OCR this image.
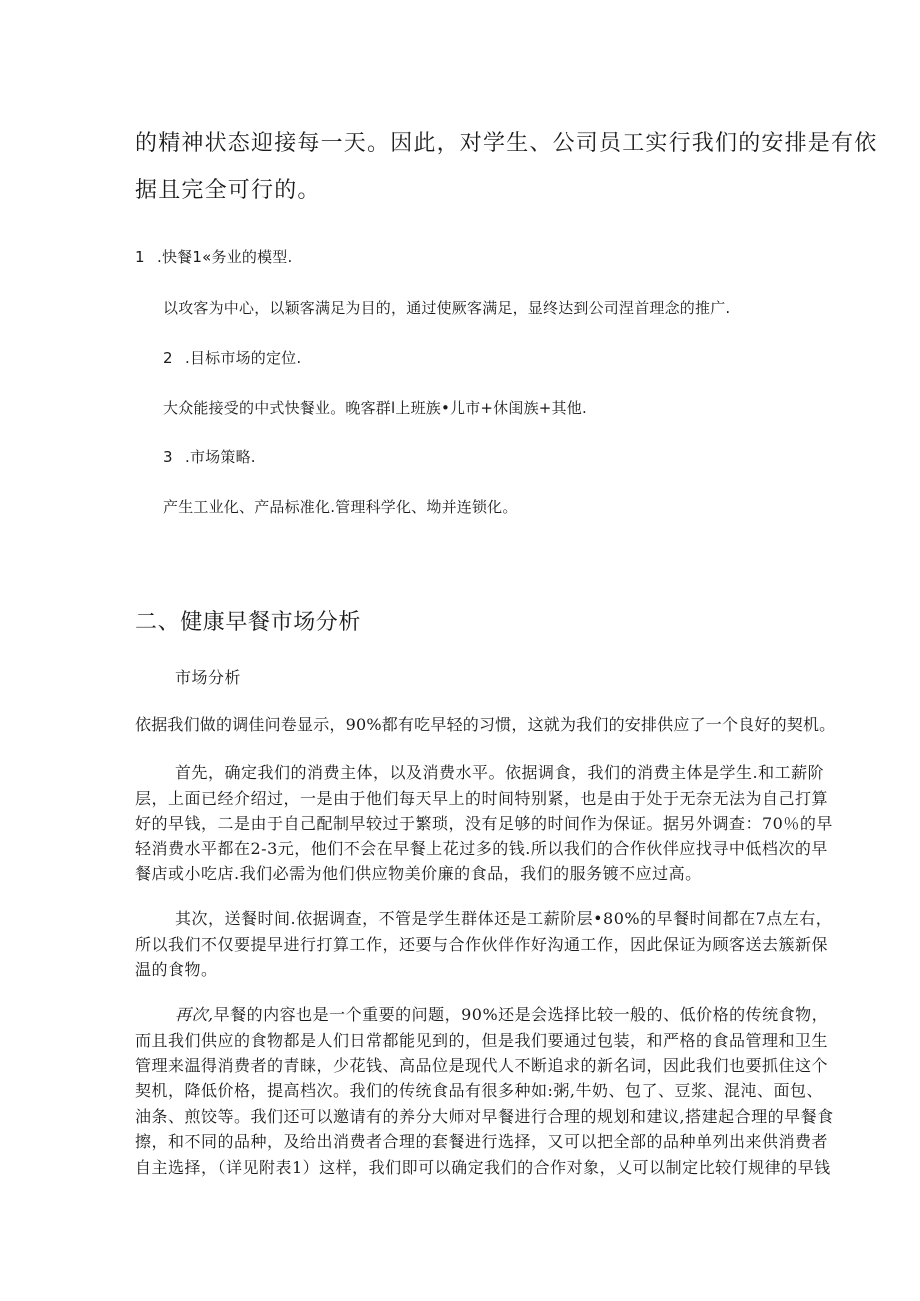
的精神状态迎接每一天。因此，对学生、公司员工实行我们的安排是有依
据且完全可行的。
1 .快餐1«务业的模型.
以攻客为中心，以颖客满足为目的，通过使厥客满足，显终达到公司涅首理念的推广.
2 .目标市场的定位.
大众能接受的中式快餐业。晚客群l上班族•儿市+休闺族+其他.
3 .市场策略.
产生工业化、产品标准化.管理科学化、坳并连锁化。
二、健康早餐市场分析
市场分析
依据我们做的调佳问卷显示，90%都有吃早轻的习惯，这就为我们的安排供应了一个良好的契机。
首先，确定我们的消费主体，以及消费水平。依据调食，我们的消费主体是学生.和工薪阶
层，上面已经介绍过，一是由于他们每天早上的时间特别紧，也是由于处于无奈无法为自己打算
好的早钱，二是由于自己配制早较过于繁琐，没有足够的时间作为保证。据另外调查：70％的早
轻消费水平都在2-3元，他们不会在早餐上花过多的钱.所以我们的合作伙伴应找寻中低档次的早
餐店或小吃店.我们必需为他们供应物美价廉的食品，我们的服务镀不应过高。
其次，送餐时间.依据调查，不管是学生群体还是工薪阶层•80%的早餐时间都在7点左右，
所以我们不仅要提早进行打算工作，还要与合作伙伴作好沟通工作，因此保证为顾客送去簇新保
温的食物。
再次,早餐的内容也是一个重要的问题，90%还是会选择比较一般的、低价格的传统食物，
而且我们供应的食物都是人们日常都能见到的，但是我们要通过包装，和严格的食品管理和卫生
管理来温得消费者的青睐，少花钱、高品位是现代人不断追求的新名词，因此我们也要抓住这个
契机，降低价格，提高档次。我们的传统食品有很多种如:粥,牛奶、包了、豆浆、混沌、面包、
油条、煎饺等。我们还可以邀请有的养分大师对早餐进行合理的规划和建议,搭建起合理的早餐食
擦，和不同的品种，及给出消费者合理的套餐进行选择，又可以把全部的品种单列出来供消费者
自主选择，（详见附表1）这样，我们即可以确定我们的合作对象，乂可以制定比较仃规律的早钱
